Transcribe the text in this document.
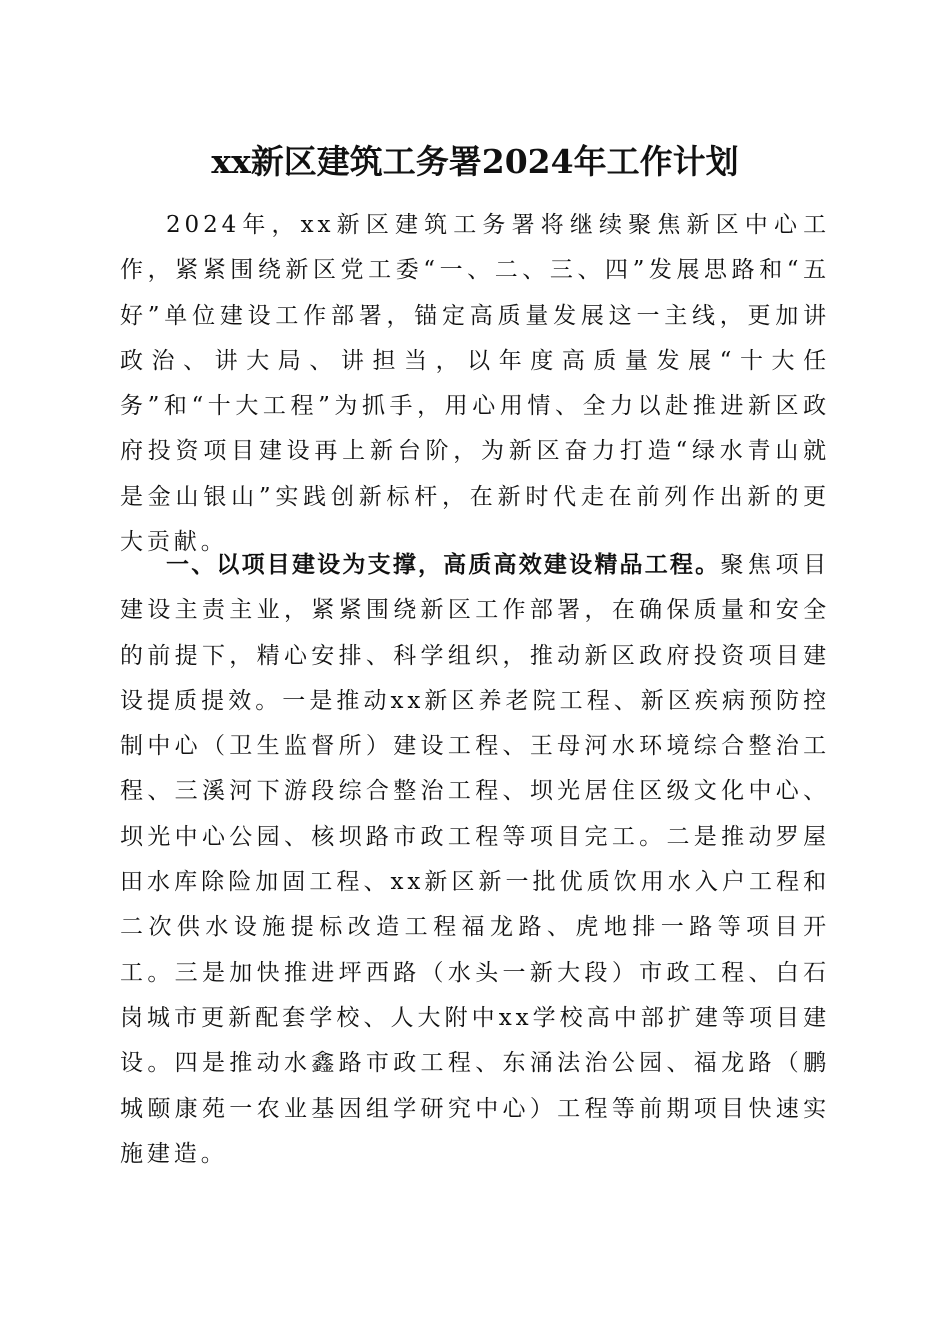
xx新区建筑工务署2024年工作计划

2024年，xx新区建筑工务署将继续聚焦新区中心工作，紧紧围绕新区党工委“一、二、三、四”发展思路和“五好”单位建设工作部署，锚定高质量发展这一主线，更加讲政治、讲大局、讲担当，以年度高质量发展“十大任务”和“十大工程”为抓手，用心用情、全力以赴推进新区政府投资项目建设再上新台阶，为新区奋力打造“绿水青山就是金山银山”实践创新标杆，在新时代走在前列作出新的更大贡献。

一、以项目建设为支撑，高质高效建设精品工程。聚焦项目建设主责主业，紧紧围绕新区工作部署，在确保质量和安全的前提下，精心安排、科学组织，推动新区政府投资项目建设提质提效。一是推动xx新区养老院工程、新区疾病预防控制中心（卫生监督所）建设工程、王母河水环境综合整治工程、三溪河下游段综合整治工程、坝光居住区级文化中心、坝光中心公园、核坝路市政工程等项目完工。二是推动罗屋田水库除险加固工程、xx新区新一批优质饮用水入户工程和二次供水设施提标改造工程福龙路、虎地排一路等项目开工。三是加快推进坪西路（水头一新大段）市政工程、白石岗城市更新配套学校、人大附中xx学校高中部扩建等项目建设。四是推动水鑫路市政工程、东涌法治公园、福龙路（鹏城颐康苑一农业基因组学研究中心）工程等前期项目快速实施建造。
